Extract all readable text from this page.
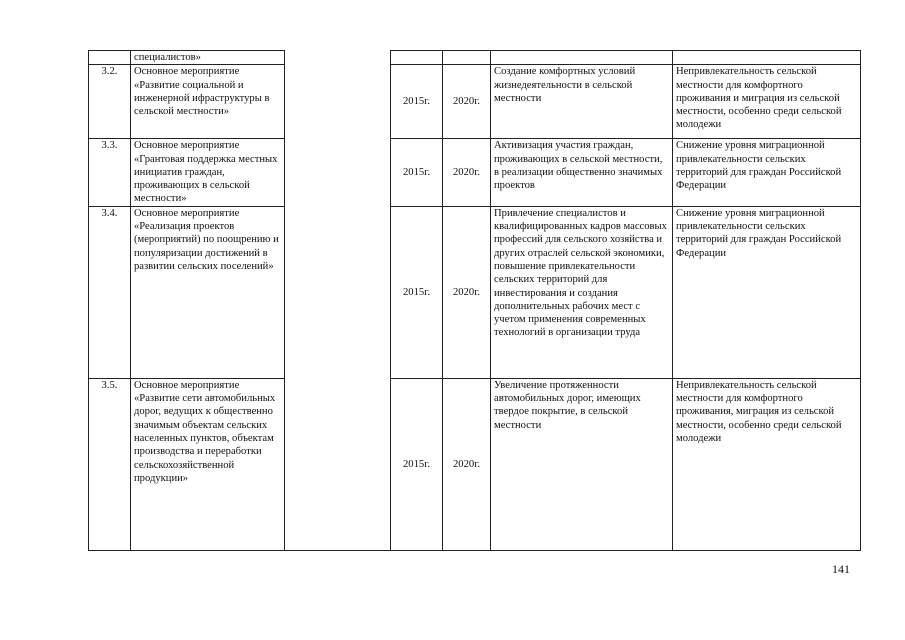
	специалистов»					
3.2.	Основное мероприятие «Развитие социальной и инженерной ифраструктуры в сельской местности»		2015г.	2020г.	Создание комфортных условий жизнедеятельности в сельской местности	Непривлекательность сельской местности для комфортного проживания и миграция из сельской местности, особенно среди сельской молодежи
3.3.	Основное мероприятие «Грантовая поддержка местных инициатив граждан, проживающих в сельской местности»		2015г.	2020г.	Активизация участия граждан, проживающих в сельской местности, в реализации общественно значимых проектов	Снижение уровня миграционной привлекательности сельских территорий для граждан Российской Федерации
3.4.	Основное мероприятие «Реализация проектов (мероприятий) по поощрению и популяризации достижений в развитии сельских поселений»		2015г.	2020г.	Привлечение специалистов и квалифицированных кадров массовых профессий для сельского хозяйства и других отраслей сельской экономики, повышение привлекательности сельских территорий для инвестирования и создания дополнительных рабочих мест с учетом применения современных технологий в организации труда	Снижение уровня миграционной привлекательности сельских территорий для граждан Российской Федерации
3.5.	Основное мероприятие «Развитие сети автомобильных дорог, ведущих к общественно значимым объектам сельских населенных пунктов, объектам производства и переработки сельскохозяйственной продукции»		2015г.	2020г.	Увеличение протяженности автомобильных дорог, имеющих твердое покрытие, в сельской местности	Непривлекательность сельской местности для комфортного проживания, миграция из сельской местности, особенно среди сельской молодежи
141
